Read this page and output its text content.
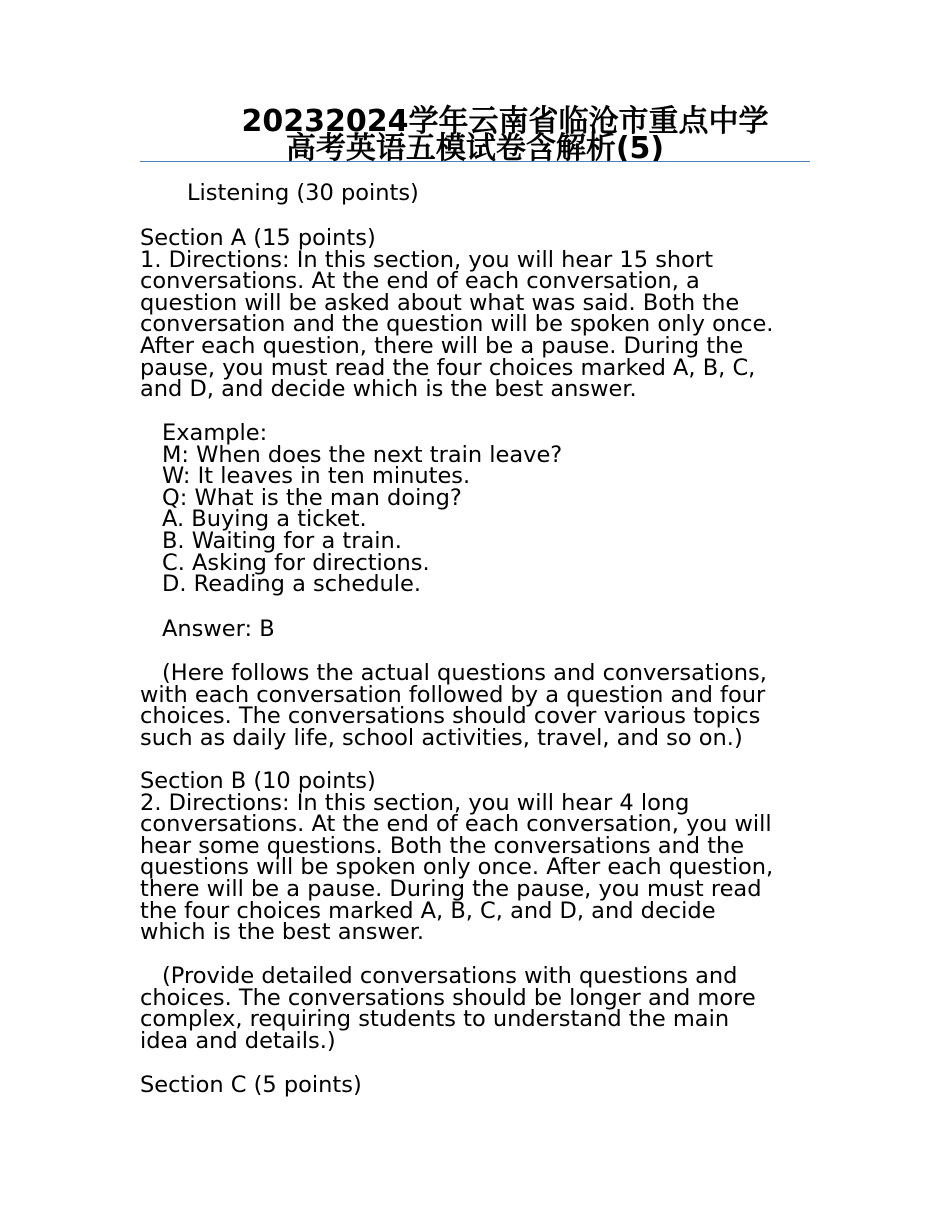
20232024学年云南省临沧市重点中学
高考英语五模试卷含解析(5)
Listening (30 points)
Section A (15 points)
1. Directions: In this section, you will hear 15 short
conversations. At the end of each conversation, a
question will be asked about what was said. Both the
conversation and the question will be spoken only once.
After each question, there will be a pause. During the
pause, you must read the four choices marked A, B, C,
and D, and decide which is the best answer.
Example:
M: When does the next train leave?
W: It leaves in ten minutes.
Q: What is the man doing?
A. Buying a ticket.
B. Waiting for a train.
C. Asking for directions.
D. Reading a schedule.
Answer: B
(Here follows the actual questions and conversations,
with each conversation followed by a question and four
choices. The conversations should cover various topics
such as daily life, school activities, travel, and so on.)
Section B (10 points)
2. Directions: In this section, you will hear 4 long
conversations. At the end of each conversation, you will
hear some questions. Both the conversations and the
questions will be spoken only once. After each question,
there will be a pause. During the pause, you must read
the four choices marked A, B, C, and D, and decide
which is the best answer.
(Provide detailed conversations with questions and
choices. The conversations should be longer and more
complex, requiring students to understand the main
idea and details.)
Section C (5 points)
